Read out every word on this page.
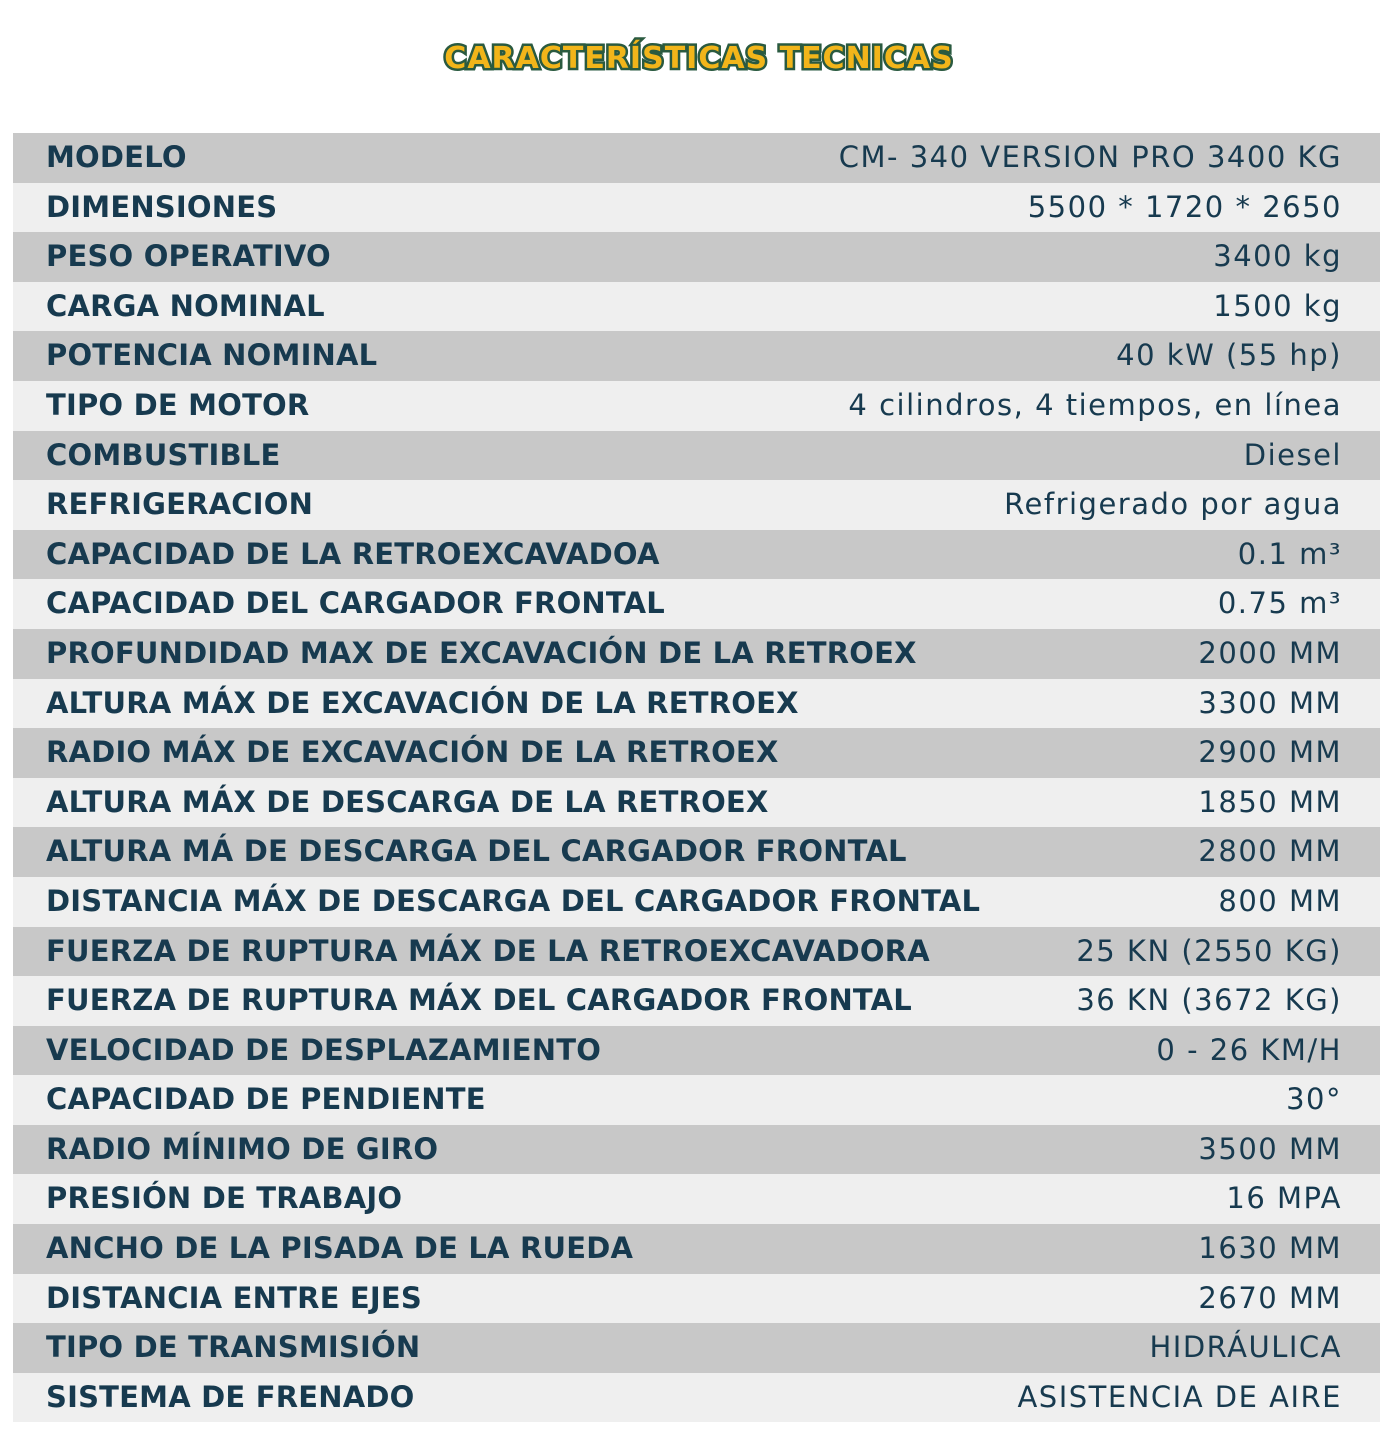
CARACTERÍSTICAS TECNICAS
MODELO	CM- 340 VERSION PRO 3400 KG
DIMENSIONES	5500 * 1720 * 2650
PESO OPERATIVO	3400 kg
CARGA NOMINAL	1500 kg
POTENCIA NOMINAL	40 kW (55 hp)
TIPO DE MOTOR	4 cilindros, 4 tiempos, en línea
COMBUSTIBLE	Diesel
REFRIGERACION	Refrigerado por agua
CAPACIDAD DE LA RETROEXCAVADOA	0.1 m³
CAPACIDAD DEL CARGADOR FRONTAL	0.75 m³
PROFUNDIDAD MAX DE EXCAVACIÓN DE LA RETROEX	2000 MM
ALTURA MÁX DE EXCAVACIÓN DE LA RETROEX	3300 MM
RADIO MÁX DE EXCAVACIÓN DE LA RETROEX	2900 MM
ALTURA MÁX DE DESCARGA DE LA RETROEX	1850 MM
ALTURA MÁ DE DESCARGA DEL CARGADOR FRONTAL	2800 MM
DISTANCIA MÁX DE DESCARGA DEL CARGADOR FRONTAL	800 MM
FUERZA DE RUPTURA MÁX DE LA RETROEXCAVADORA	25 KN (2550 KG)
FUERZA DE RUPTURA MÁX DEL CARGADOR FRONTAL	36 KN (3672 KG)
VELOCIDAD DE DESPLAZAMIENTO	0 - 26 KM/H
CAPACIDAD DE PENDIENTE	30°
RADIO MÍNIMO DE GIRO	3500 MM
PRESIÓN DE TRABAJO	16 MPA
ANCHO DE LA PISADA DE LA RUEDA	1630 MM
DISTANCIA ENTRE EJES	2670 MM
TIPO DE TRANSMISIÓN	HIDRÁULICA
SISTEMA DE FRENADO	ASISTENCIA DE AIRE
